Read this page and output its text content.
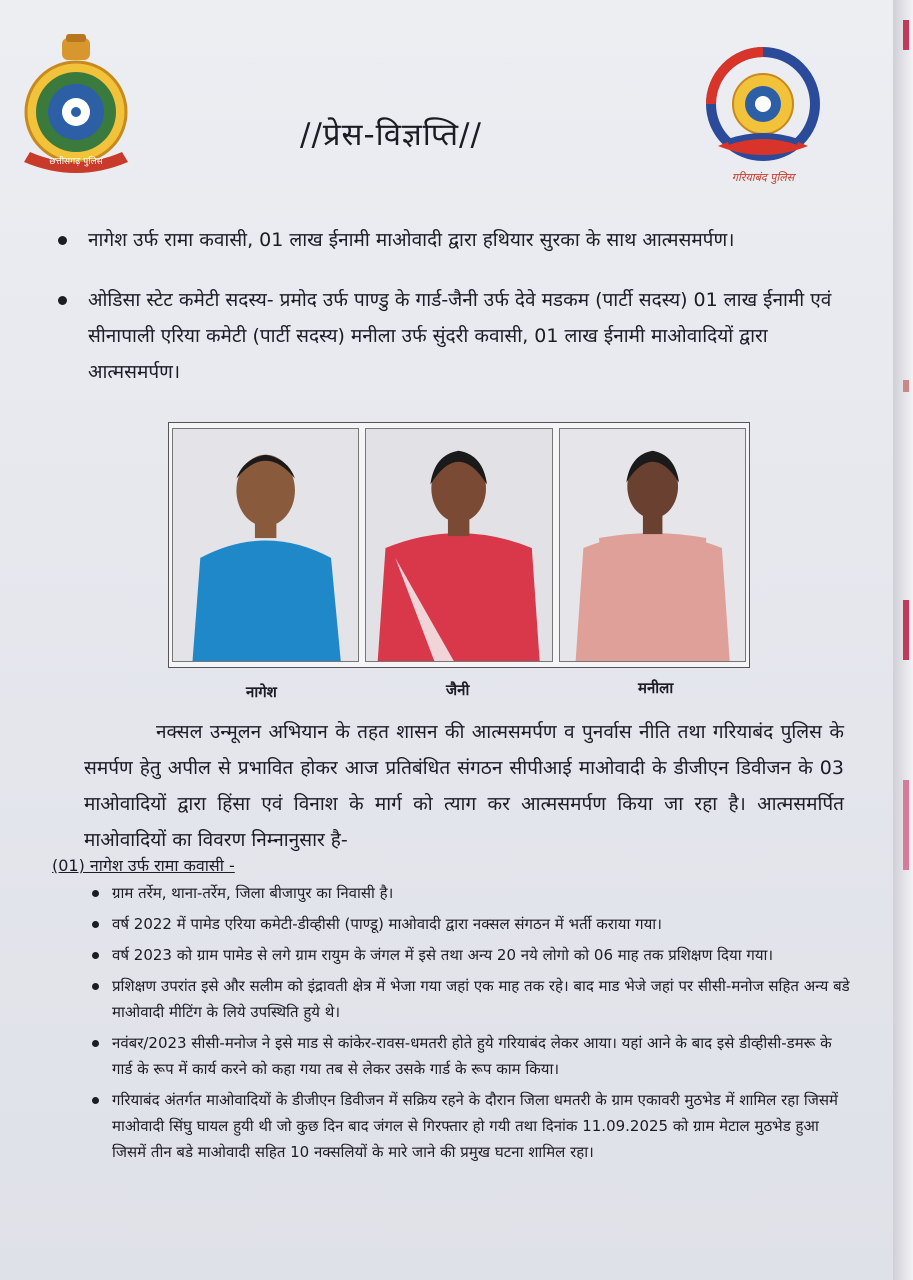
छत्तीसगढ़ पुलिस
//प्रेस-विज्ञप्ति//
गरियाबंद पुलिस
नागेश उर्फ रामा कवासी, 01 लाख ईनामी माओवादी द्वारा हथियार सुरका के साथ आत्मसमर्पण।
ओडिसा स्टेट कमेटी सदस्य- प्रमोद उर्फ पाण्डु के गार्ड-जैनी उर्फ देवे मडकम (पार्टी सदस्य) 01 लाख ईनामी एवं सीनापाली एरिया कमेटी (पार्टी सदस्य) मनीला उर्फ सुंदरी कवासी, 01 लाख ईनामी माओवादियों द्वारा आत्मसमर्पण।
नागेश	जैनी	मनीला
नक्सल उन्मूलन अभियान के तहत शासन की आत्मसमर्पण व पुनर्वास नीति तथा गरियाबंद पुलिस के समर्पण हेतु अपील से प्रभावित होकर आज प्रतिबंधित संगठन सीपीआई माओवादी के डीजीएन डिवीजन के 03 माओवादियों द्वारा हिंसा एवं विनाश के मार्ग को त्याग कर आत्मसमर्पण किया जा रहा है। आत्मसमर्पित माओवादियों का विवरण निम्नानुसार है-
(01) नागेश उर्फ रामा कवासी -
ग्राम तर्रेम, थाना-तर्रेम, जिला बीजापुर का निवासी है।
वर्ष 2022 में पामेड एरिया कमेटी-डीव्हीसी (पाण्डू) माओवादी द्वारा नक्सल संगठन में भर्ती कराया गया।
वर्ष 2023 को ग्राम पामेड से लगे ग्राम रायुम के जंगल में इसे तथा अन्य 20 नये लोगो को 06 माह तक प्रशिक्षण दिया गया।
प्रशिक्षण उपरांत इसे और सलीम को इंद्रावती क्षेत्र में भेजा गया जहां एक माह तक रहे। बाद माड भेजे जहां पर सीसी-मनोज सहित अन्य बडे माओवादी मीटिंग के लिये उपस्थिति हुये थे।
नवंबर/2023 सीसी-मनोज ने इसे माड से कांकेर-रावस-धमतरी होते हुये गरियाबंद लेकर आया। यहां आने के बाद इसे डीव्हीसी-डमरू के गार्ड के रूप में कार्य करने को कहा गया तब से लेकर उसके गार्ड के रूप काम किया।
गरियाबंद अंतर्गत माओवादियों के डीजीएन डिवीजन में सक्रिय रहने के दौरान जिला धमतरी के ग्राम एकावरी मुठभेड में शामिल रहा जिसमें माओवादी सिंघु घायल हुयी थी जो कुछ दिन बाद जंगल से गिरफ्तार हो गयी तथा दिनांक 11.09.2025 को ग्राम मेटाल मुठभेड हुआ जिसमें तीन बडे माओवादी सहित 10 नक्सलियों के मारे जाने की प्रमुख घटना शामिल रहा।
